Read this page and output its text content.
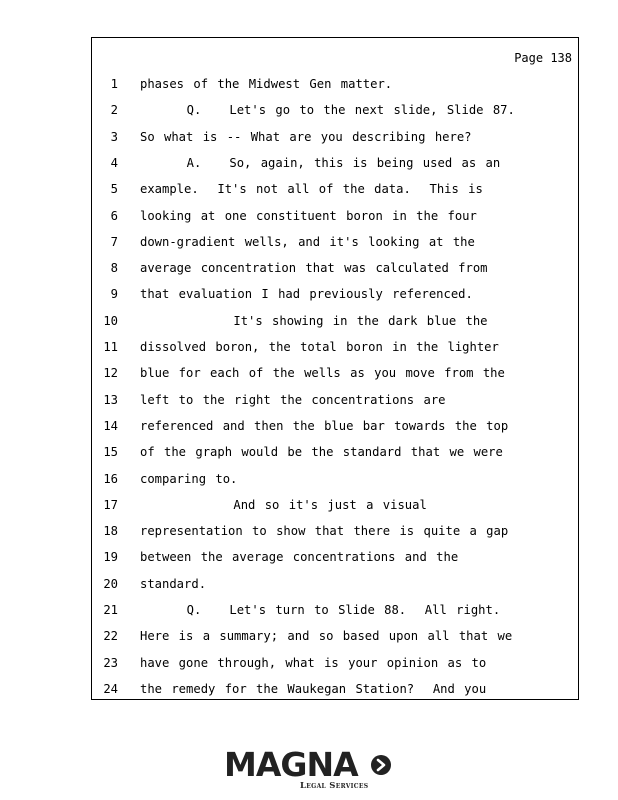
Page 138
1 phases of the Midwest Gen matter.
2 Q.   Let's go to the next slide, Slide 87.
3 So what is -- What are you describing here?
4 A.   So, again, this is being used as an
5 example.  It's not all of the data.  This is
6 looking at one constituent boron in the four
7 down-gradient wells, and it's looking at the
8 average concentration that was calculated from
9 that evaluation I had previously referenced.
10 It's showing in the dark blue the
11 dissolved boron, the total boron in the lighter
12 blue for each of the wells as you move from the
13 left to the right the concentrations are
14 referenced and then the blue bar towards the top
15 of the graph would be the standard that we were
16 comparing to.
17 And so it's just a visual
18 representation to show that there is quite a gap
19 between the average concentrations and the
20 standard.
21 Q.   Let's turn to Slide 88.  All right.
22 Here is a summary; and so based upon all that we
23 have gone through, what is your opinion as to
24 the remedy for the Waukegan Station?  And you
MAGNA
Legal Services
